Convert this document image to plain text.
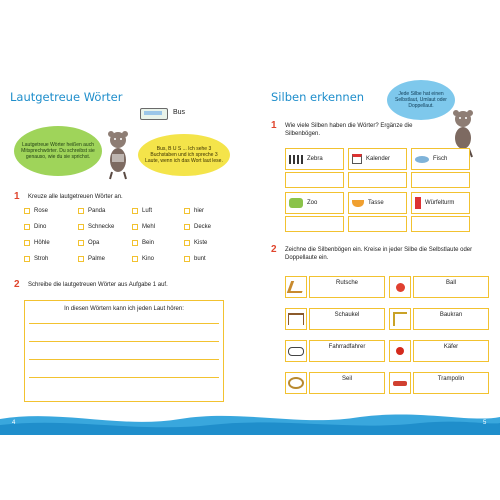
Lautgetreue Wörter
Bus
Lautgetreue Wörter heißen auch Mitsprechwörter. Du schreibst sie genauso, wie du sie sprichst.
Bus, B U S ... Ich sehe 3 Buchstaben und ich spreche 3 Laute, wenn ich das Wort laut lese.
1 Kreuze alle lautgetreuen Wörter an.
Rose	Panda	Luft	hier
Dino	Schnecke	Mehl	Decke
Höhle	Opa	Bein	Kiste
Stroh	Palme	Kino	bunt
2 Schreibe die lautgetreuen Wörter aus Aufgabe 1 auf.
In diesen Wörtern kann ich jeden Laut hören:
Silben erkennen	Jede Silbe hat einen Selbstlaut, Umlaut oder Doppellaut.
1 Wie viele Silben haben die Wörter? Ergänze die Silbenbögen.
Zebra	Kalender	Fisch
Zoo	Tasse	Würfelturm
2 Zeichne die Silbenbögen ein. Kreise in jeder Silbe die Selbstlaute oder Doppellaute ein.
Rutsche	Ball
Schaukel	Baukran
Fahrradfahrer	Käfer
Seil	Trampolin
4	5
